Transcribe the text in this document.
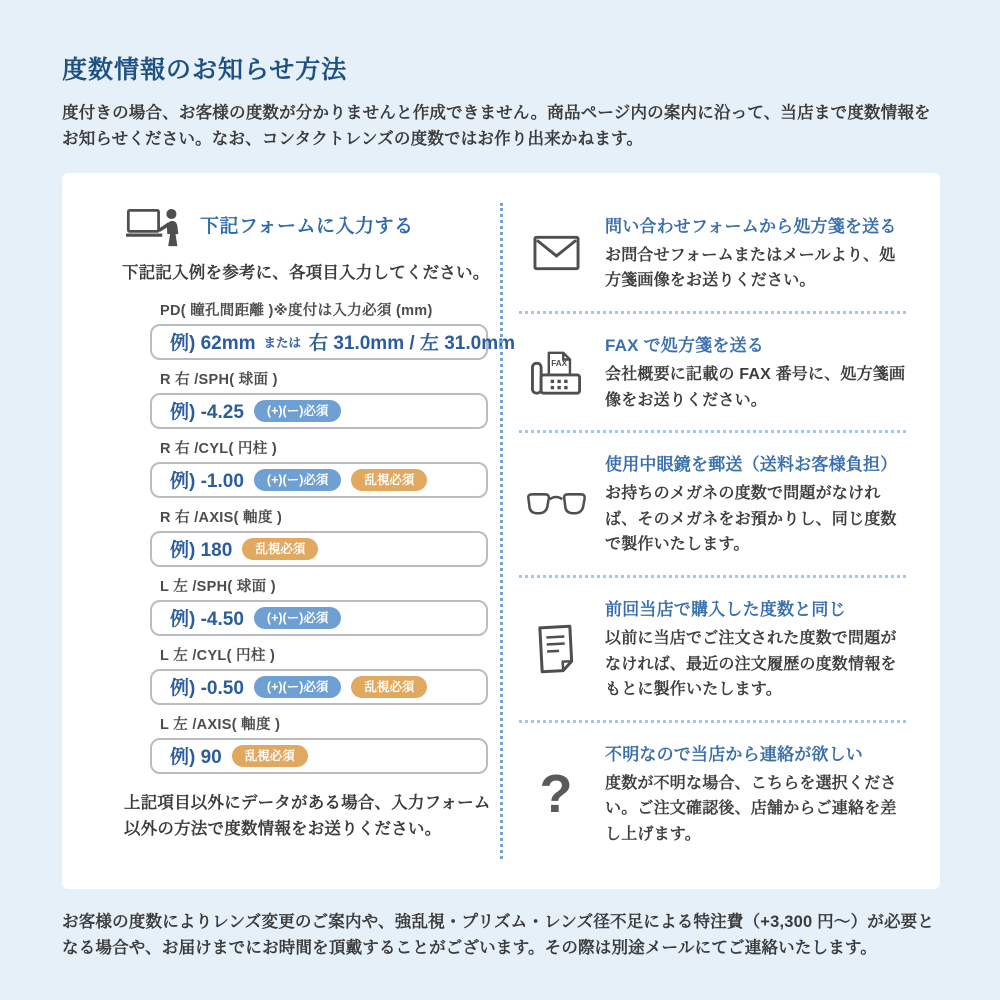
度数情報のお知らせ方法
度付きの場合、お客様の度数が分かりませんと作成できません。商品ページ内の案内に沿って、当店まで度数情報をお知らせください。なお、コンタクトレンズの度数ではお作り出来かねます。
下記フォームに入力する
下記記入例を参考に、各項目入力してください。
PD( 瞳孔間距離 )※度付は入力必須 (mm)
例) 62mm または 右 31.0mm / 左 31.0mm
R 右 /SPH( 球面 )
例) -4.25	(+)(ー)必須
R 右 /CYL( 円柱 )
例) -1.00	(+)(ー)必須	乱視必須
R 右 /AXIS( 軸度 )
例) 180	乱視必須
L 左 /SPH( 球面 )
例) -4.50	(+)(ー)必須
L 左 /CYL( 円柱 )
例) -0.50	(+)(ー)必須	乱視必須
L 左 /AXIS( 軸度 )
例) 90	乱視必須
上記項目以外にデータがある場合、入力フォーム以外の方法で度数情報をお送りください。
問い合わせフォームから処方箋を送る
お問合せフォームまたはメールより、処方箋画像をお送りください。
FAX
FAX で処方箋を送る
会社概要に記載の FAX 番号に、処方箋画像をお送りください。
使用中眼鏡を郵送（送料お客様負担）
お持ちのメガネの度数で問題がなければ、そのメガネをお預かりし、同じ度数で製作いたします。
前回当店で購入した度数と同じ
以前に当店でご注文された度数で問題がなければ、最近の注文履歴の度数情報をもとに製作いたします。
?
不明なので当店から連絡が欲しい
度数が不明な場合、こちらを選択ください。ご注文確認後、店舗からご連絡を差し上げます。
お客様の度数によりレンズ変更のご案内や、強乱視・プリズム・レンズ径不足による特注費（+3,300 円〜）が必要となる場合や、お届けまでにお時間を頂戴することがございます。その際は別途メールにてご連絡いたします。
